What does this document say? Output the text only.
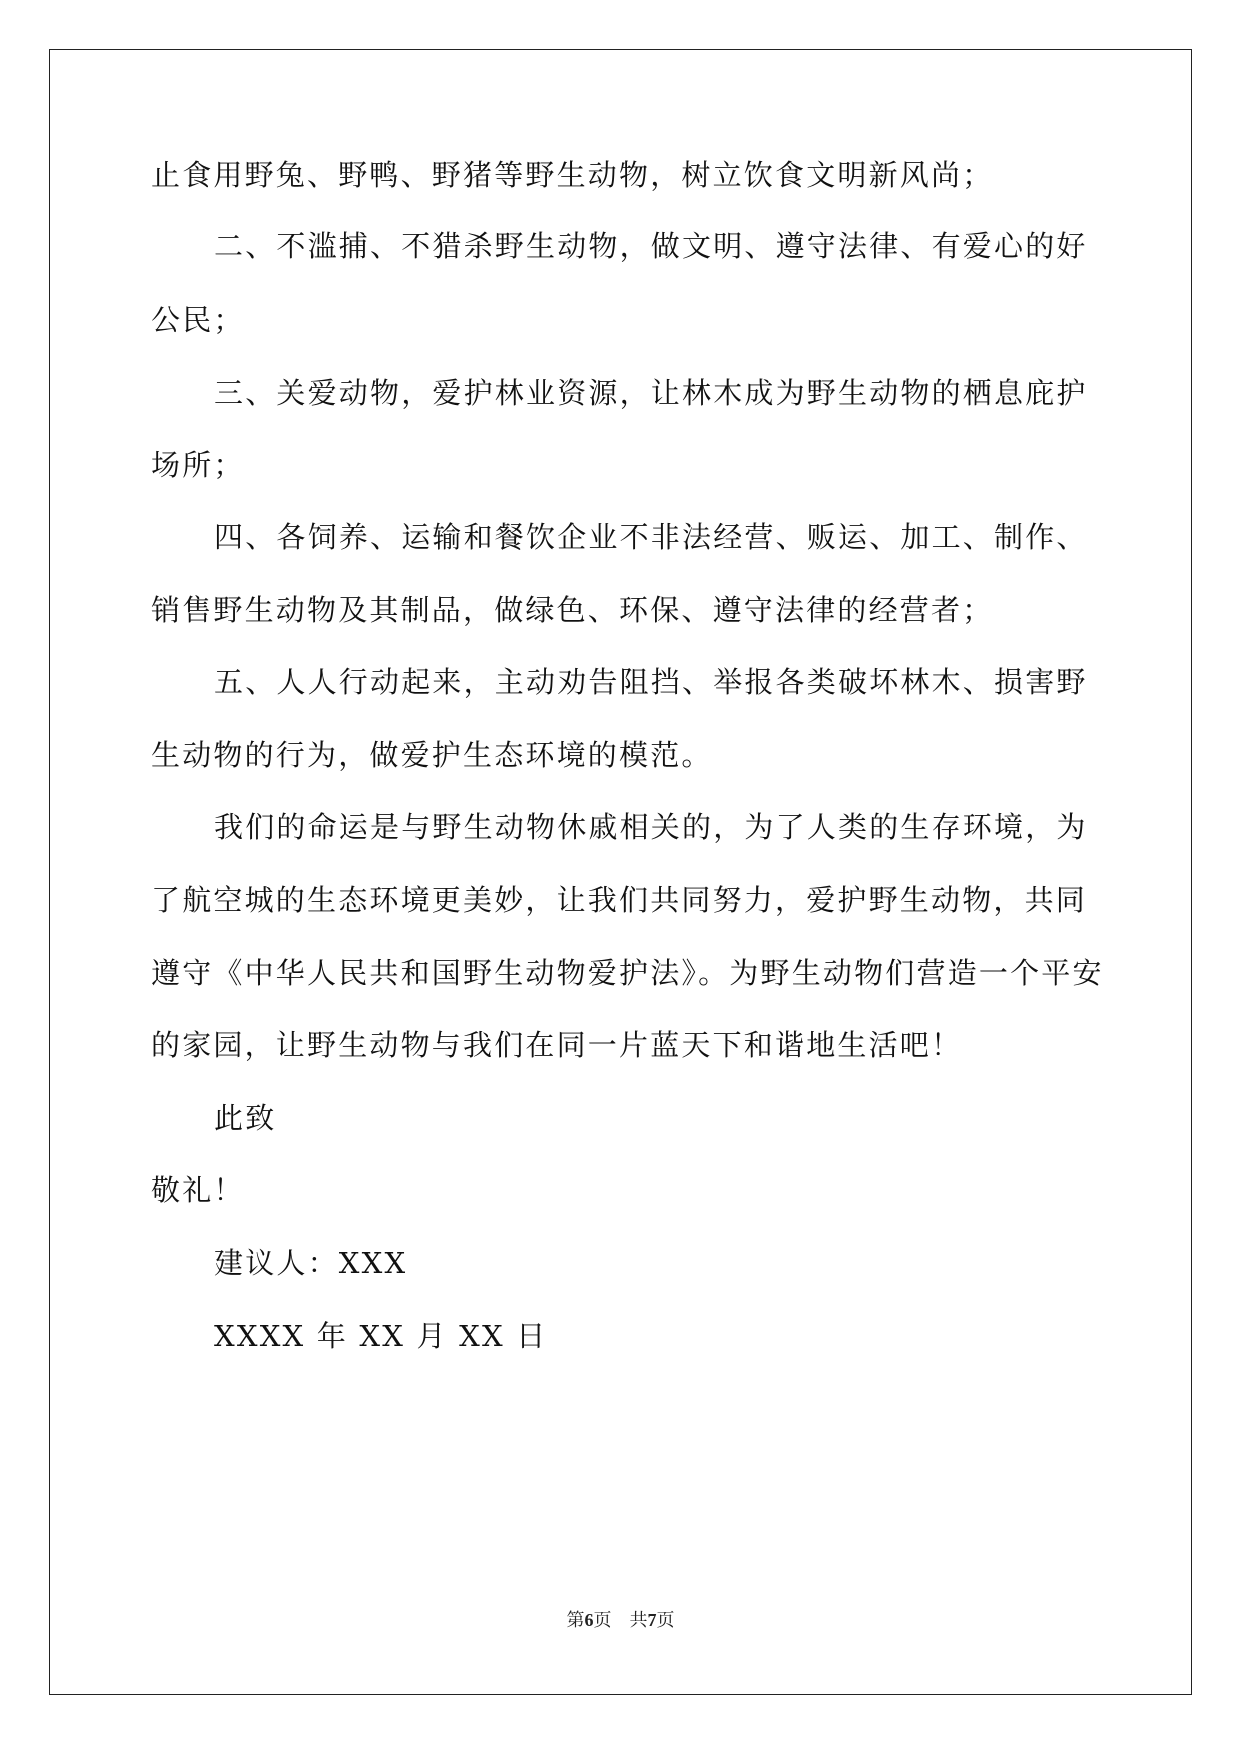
止食用野兔、野鸭、野猪等野生动物，树立饮食文明新风尚；
二、不滥捕、不猎杀野生动物，做文明、遵守法律、有爱心的好
公民；
三、关爱动物，爱护林业资源，让林木成为野生动物的栖息庇护
场所；
四、各饲养、运输和餐饮企业不非法经营、贩运、加工、制作、
销售野生动物及其制品，做绿色、环保、遵守法律的经营者；
五、人人行动起来，主动劝告阻挡、举报各类破坏林木、损害野
生动物的行为，做爱护生态环境的模范。
我们的命运是与野生动物休戚相关的，为了人类的生存环境，为
了航空城的生态环境更美妙，让我们共同努力，爱护野生动物，共同
遵守《中华人民共和国野生动物爱护法》。为野生动物们营造一个平安
的家园，让野生动物与我们在同一片蓝天下和谐地生活吧！
此致
敬礼！
建议人：XXX
XXXX 年 XX 月 XX 日
第6页　共7页
